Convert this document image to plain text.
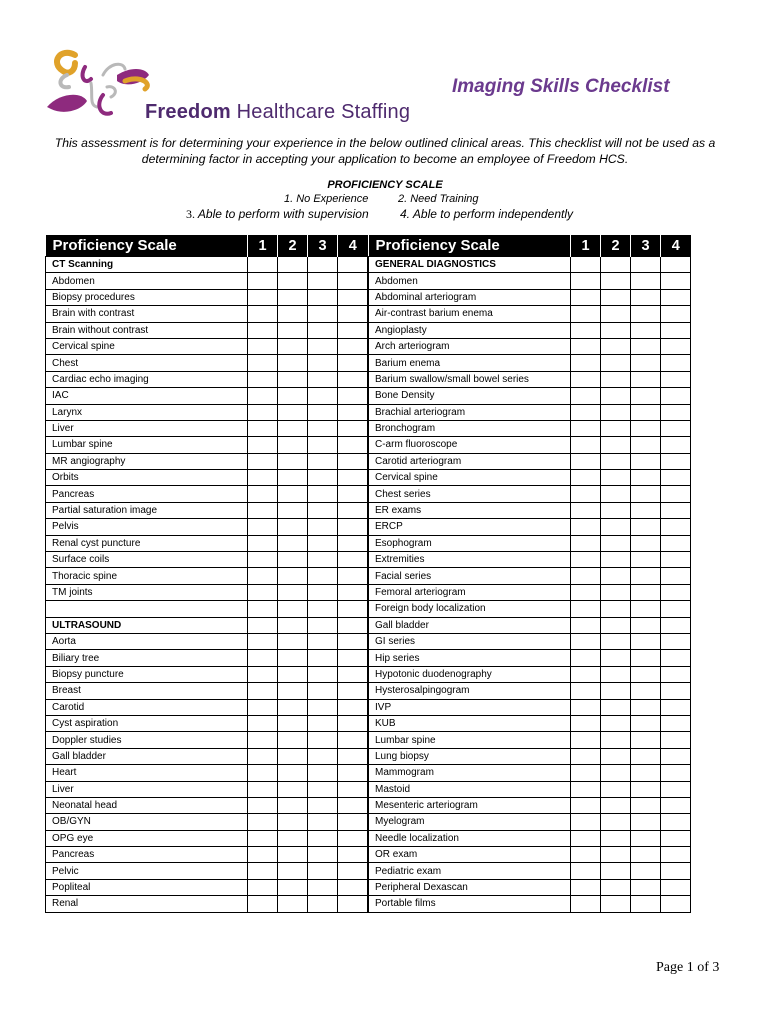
Freedom Healthcare Staffing
Imaging Skills Checklist
This assessment is for determining your experience in the below outlined clinical areas. This checklist will not be used as a determining factor in accepting your application to become an employee of Freedom HCS.
PROFICIENCY SCALE
1. No Experience	2. Need Training
3. Able to perform with supervision	4. Able to perform independently
Proficiency Scale	1	2	3	4
CT Scanning				
Abdomen				
Biopsy procedures				
Brain with contrast				
Brain without contrast				
Cervical spine				
Chest				
Cardiac echo imaging				
IAC				
Larynx				
Liver				
Lumbar spine				
MR angiography				
Orbits				
Pancreas				
Partial saturation image				
Pelvis				
Renal cyst puncture				
Surface coils				
Thoracic spine				
TM joints				

ULTRASOUND				
Aorta				
Biliary tree				
Biopsy puncture				
Breast				
Carotid				
Cyst aspiration				
Doppler studies				
Gall bladder				
Heart				
Liver				
Neonatal head				
OB/GYN				
OPG eye				
Pancreas				
Pelvic				
Popliteal				
Renal				
Proficiency Scale	1	2	3	4
GENERAL DIAGNOSTICS				
Abdomen				
Abdominal arteriogram				
Air-contrast barium enema				
Angioplasty				
Arch arteriogram				
Barium enema				
Barium swallow/small bowel series				
Bone Density				
Brachial arteriogram				
Bronchogram				
C-arm fluoroscope				
Carotid arteriogram				
Cervical spine				
Chest series				
ER exams				
ERCP				
Esophogram				
Extremities				
Facial series				
Femoral arteriogram				
Foreign body localization				
Gall bladder				
GI series				
Hip series				
Hypotonic duodenography				
Hysterosalpingogram				
IVP				
KUB				
Lumbar spine				
Lung biopsy				
Mammogram				
Mastoid				
Mesenteric arteriogram				
Myelogram				
Needle localization				
OR exam				
Pediatric exam				
Peripheral Dexascan				
Portable films				
Page 1 of 3
